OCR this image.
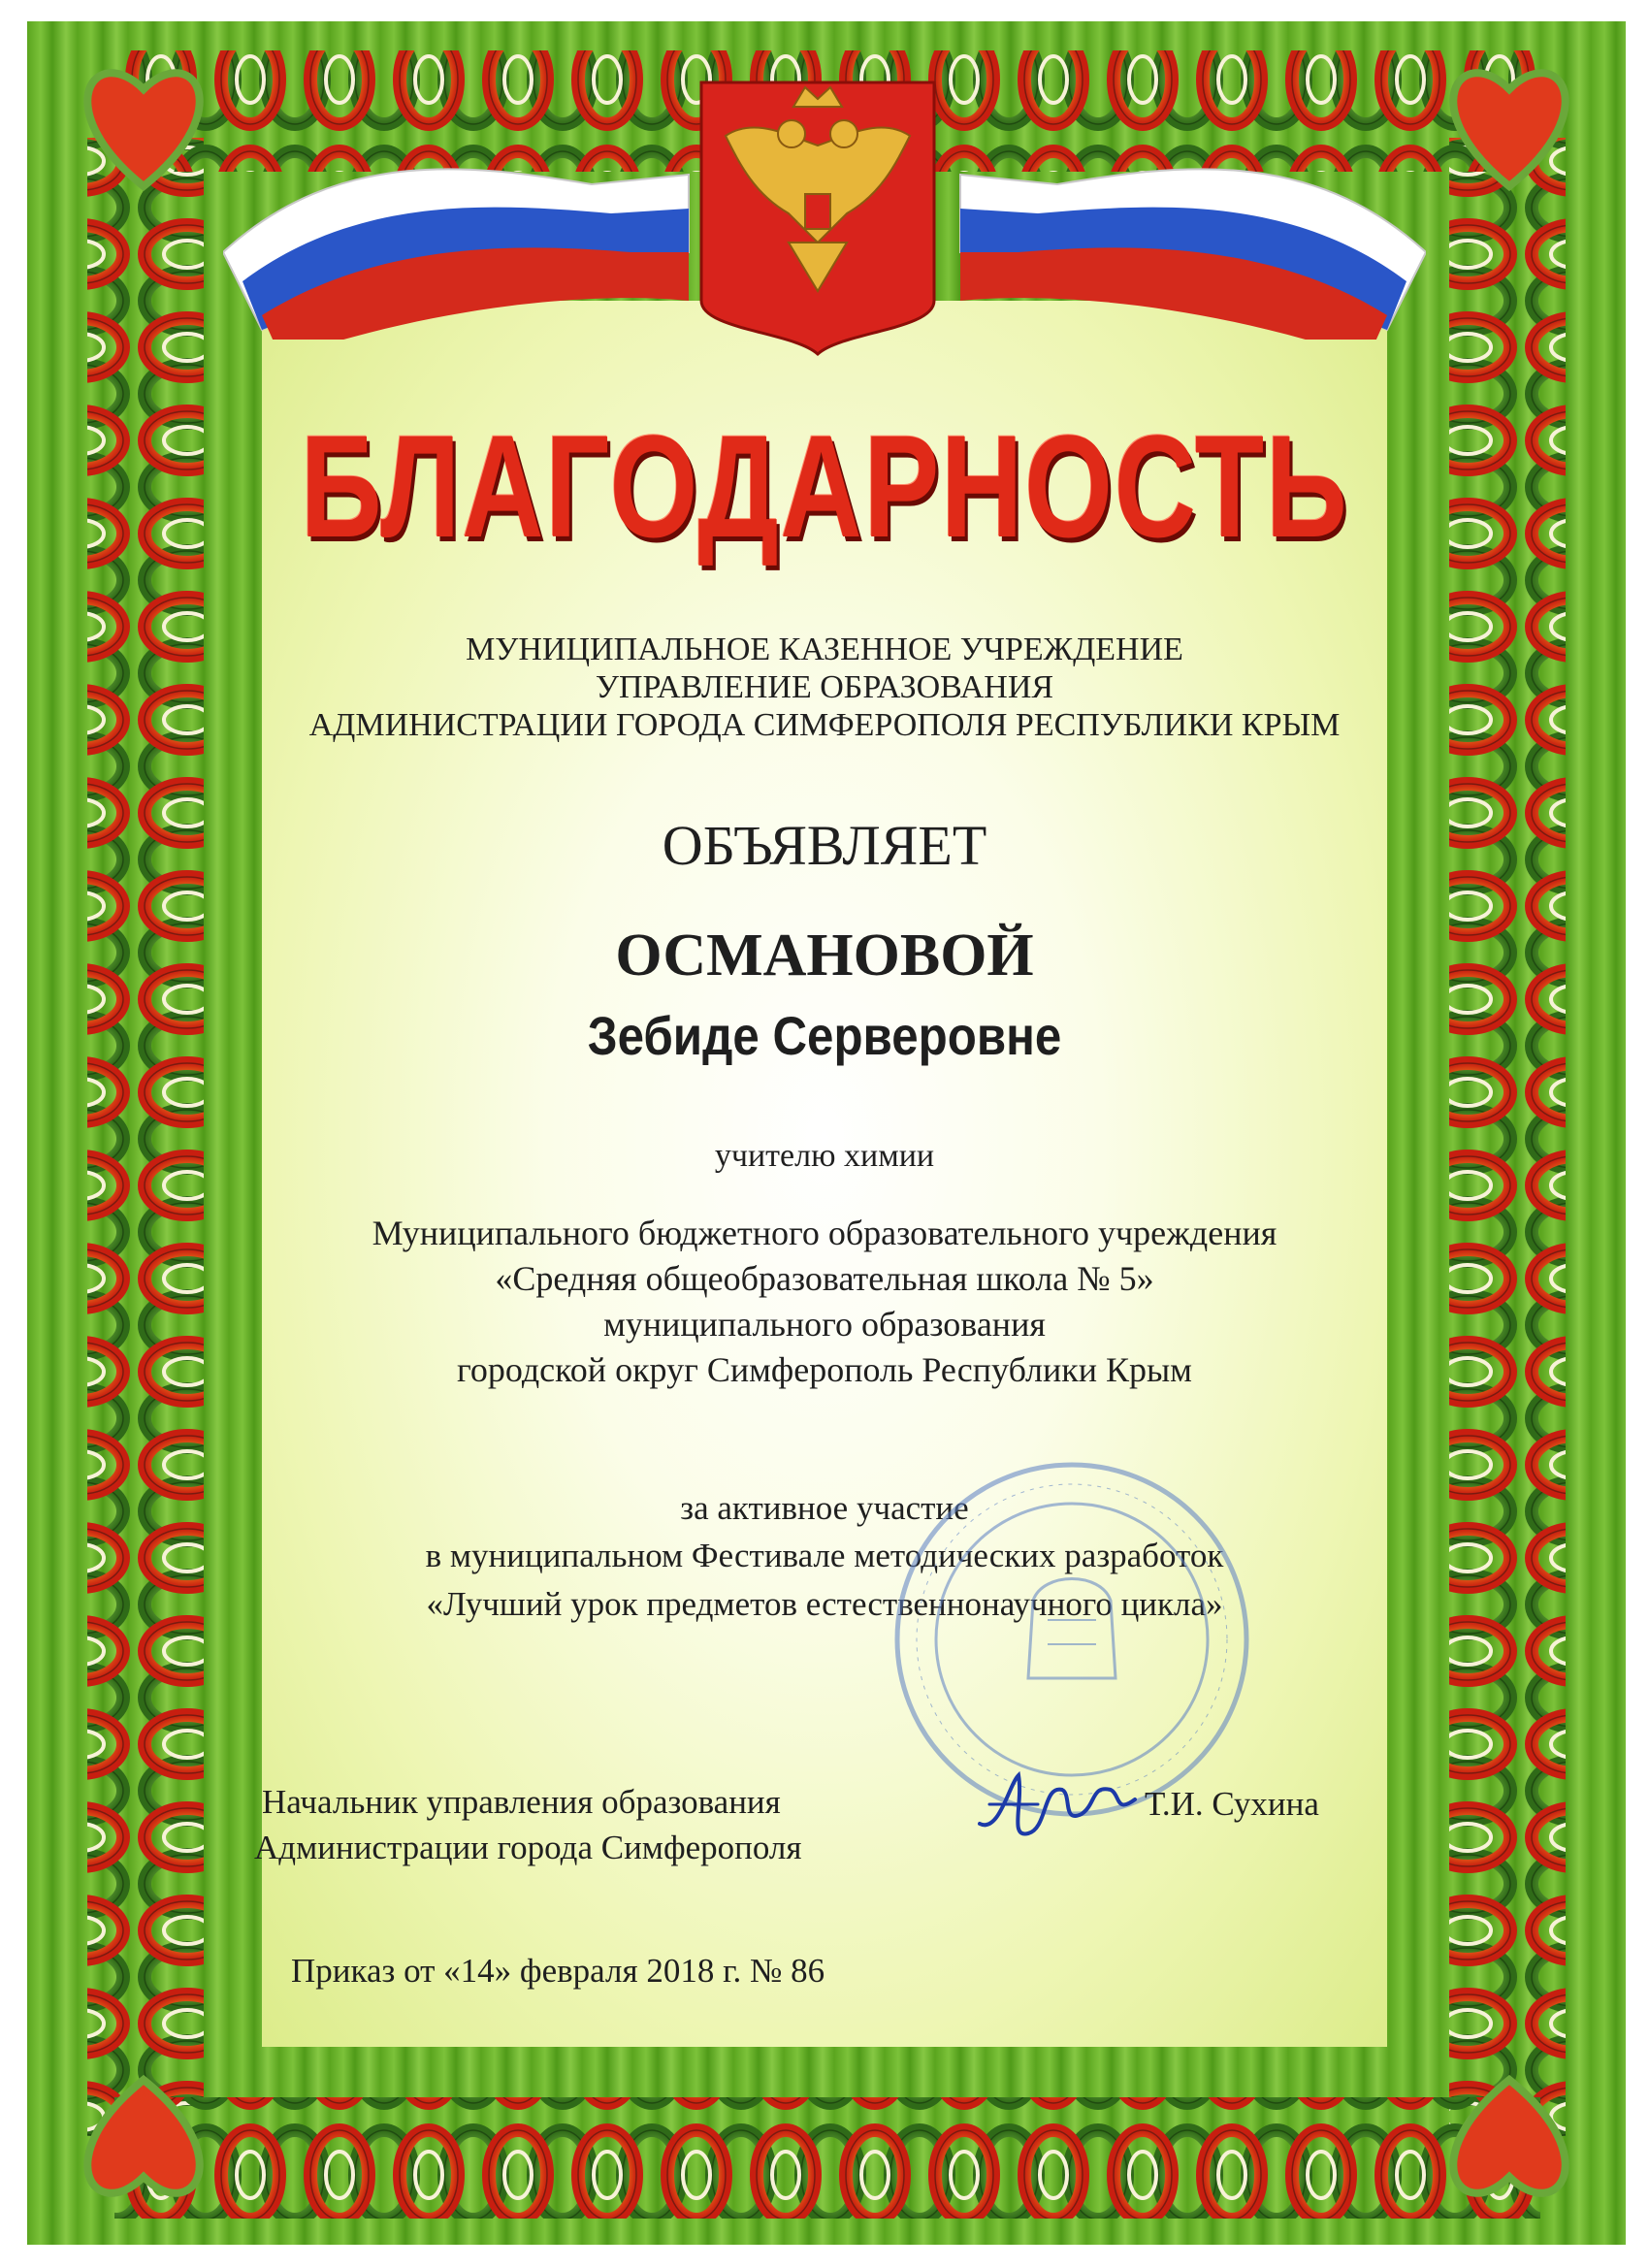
БЛАГОДАРНОСТЬ
МУНИЦИПАЛЬНОЕ КАЗЕННОЕ УЧРЕЖДЕНИЕ
УПРАВЛЕНИЕ ОБРАЗОВАНИЯ
АДМИНИСТРАЦИИ ГОРОДА СИМФЕРОПОЛЯ РЕСПУБЛИКИ КРЫМ
ОБЪЯВЛЯЕТ
ОСМАНОВОЙ
Зебиде Серверовне
учителю химии
Муниципального бюджетного образовательного учреждения
«Средняя общеобразовательная школа № 5»
муниципального образования
городской округ Симферополь Республики Крым
за активное участие
в муниципальном Фестивале методических разработок
«Лучший урок предметов естественнонаучного цикла»
Начальник управления образования
Администрации города Симферополя
Т.И. Сухина
Приказ от «14» февраля 2018 г. № 86
